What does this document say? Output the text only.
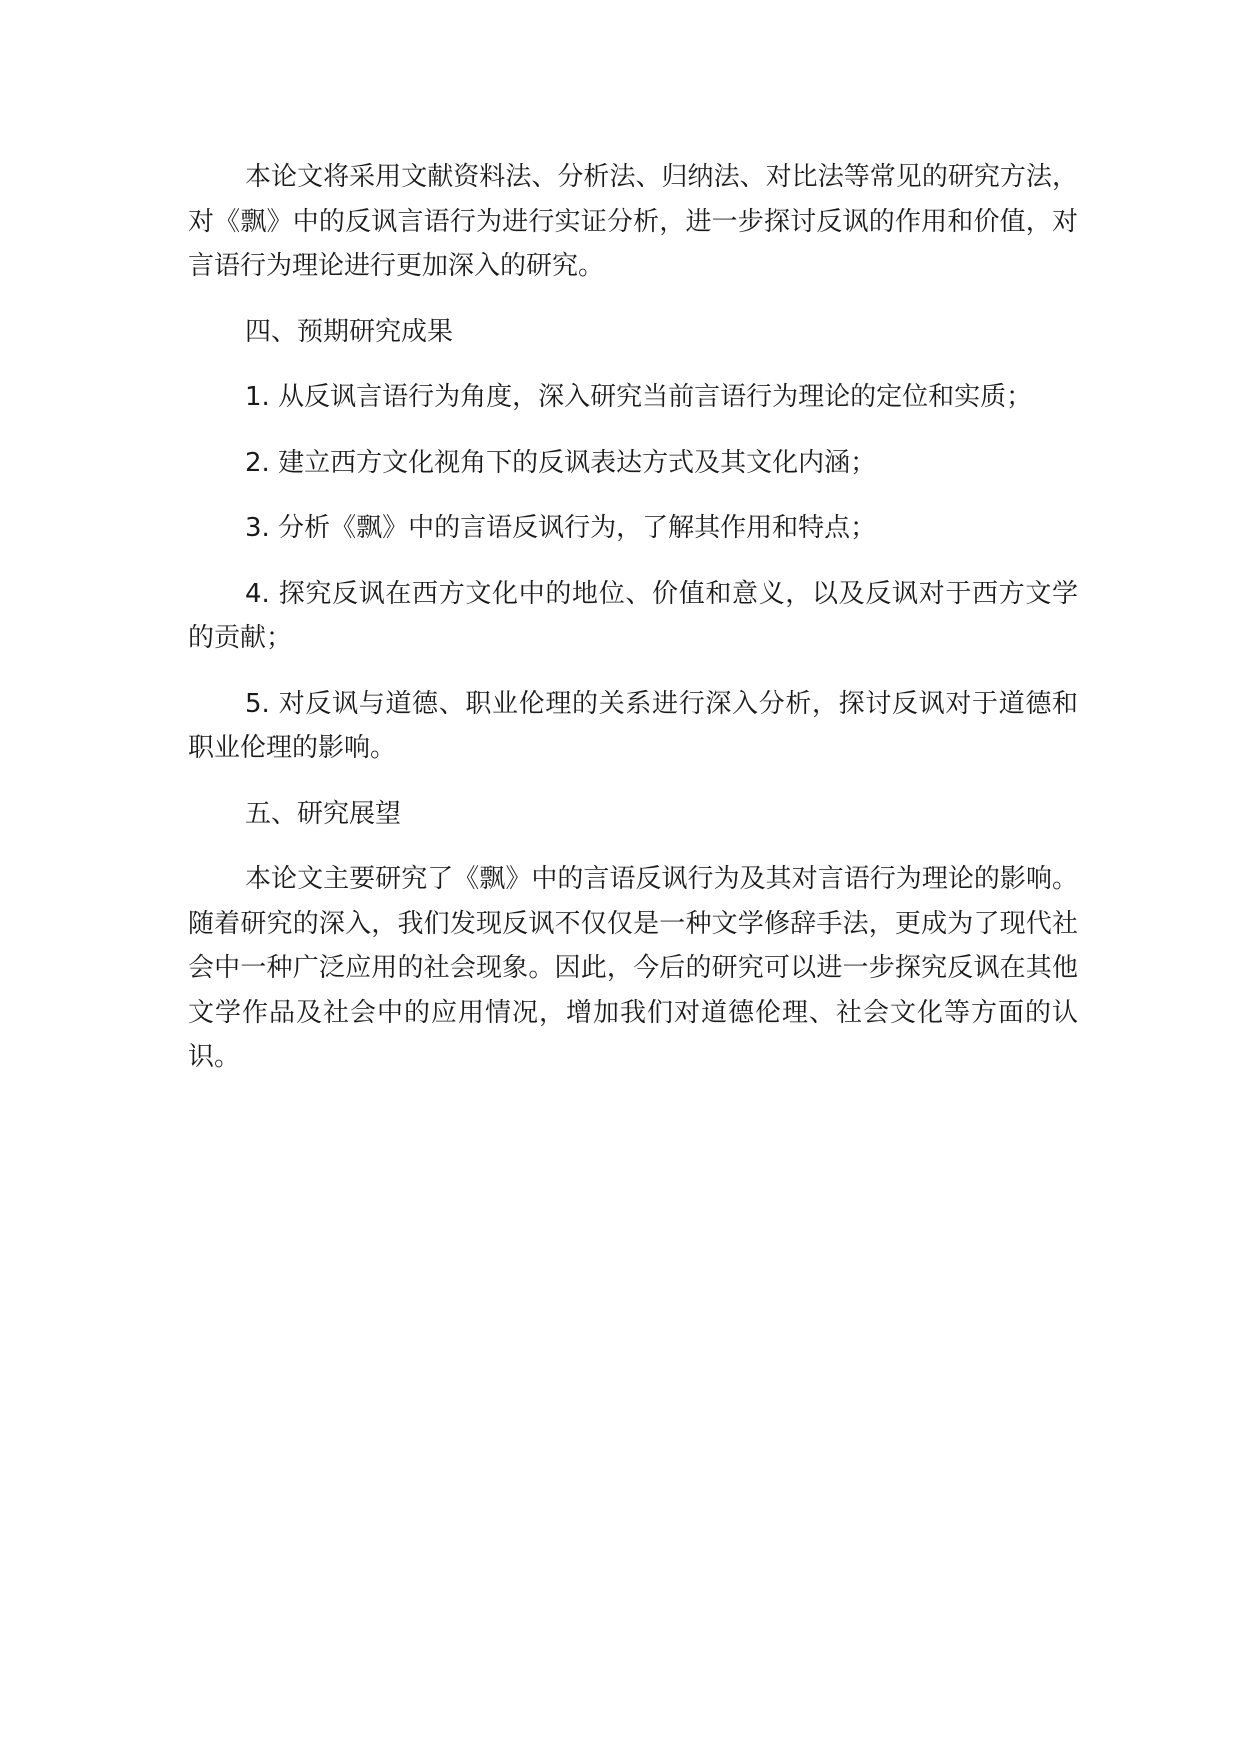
本论文将采用文献资料法、分析法、归纳法、对比法等常见的研究方法，对《飘》中的反讽言语行为进行实证分析，进一步探讨反讽的作用和价值，对言语行为理论进行更加深入的研究。

四、预期研究成果

1. 从反讽言语行为角度，深入研究当前言语行为理论的定位和实质；

2. 建立西方文化视角下的反讽表达方式及其文化内涵；

3. 分析《飘》中的言语反讽行为，了解其作用和特点；

4. 探究反讽在西方文化中的地位、价值和意义，以及反讽对于西方文学的贡献；

5. 对反讽与道德、职业伦理的关系进行深入分析，探讨反讽对于道德和职业伦理的影响。

五、研究展望

本论文主要研究了《飘》中的言语反讽行为及其对言语行为理论的影响。随着研究的深入，我们发现反讽不仅仅是一种文学修辞手法，更成为了现代社会中一种广泛应用的社会现象。因此，今后的研究可以进一步探究反讽在其他文学作品及社会中的应用情况，增加我们对道德伦理、社会文化等方面的认识。
